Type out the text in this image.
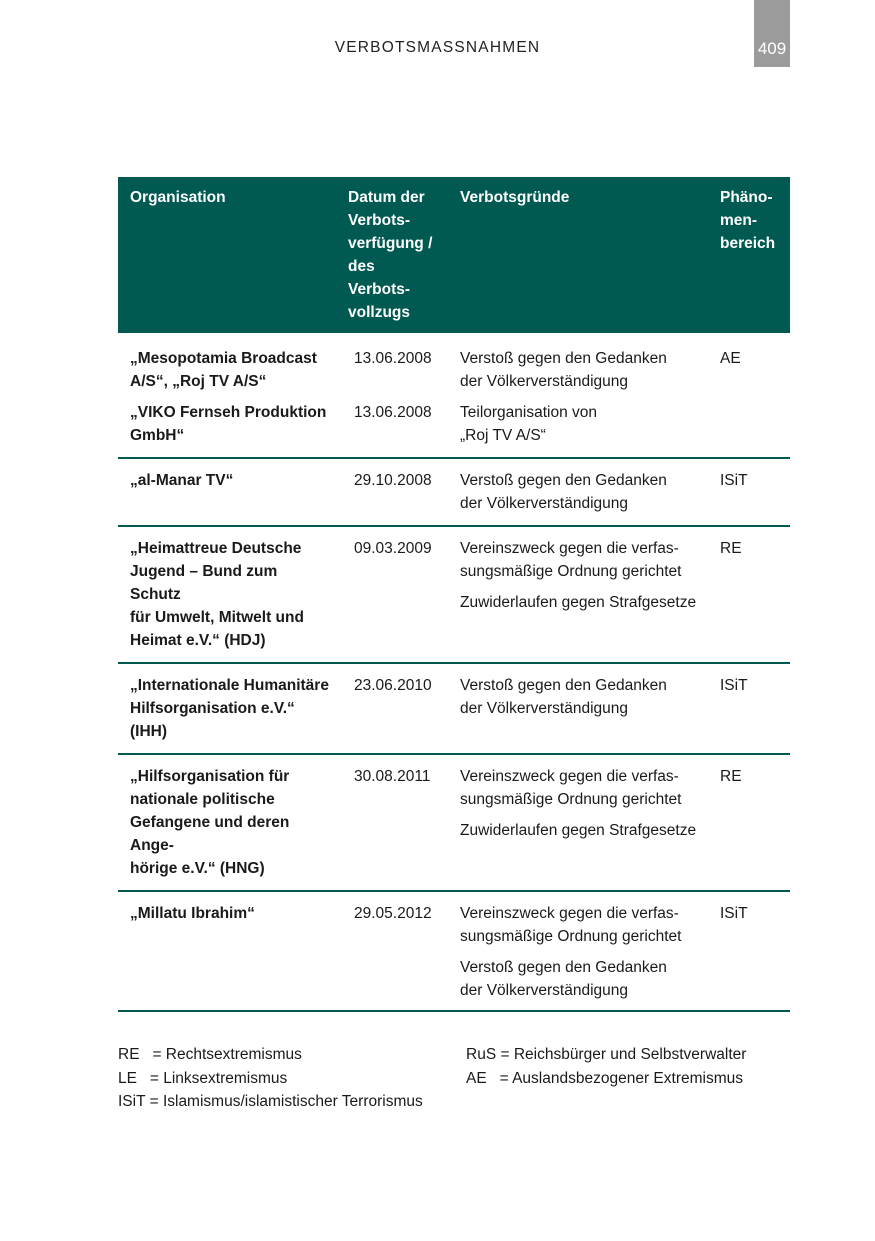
VERBOTSMASSNAHMEN	409
Organisation	Datum der
Verbots-
verfügung /
des Verbots-
vollzugs	Verbotsgründe	Phäno-
men-
bereich

„Mesopotamia Broadcast
A/S“, „Roj TV A/S“	13.06.2008	Verstoß gegen den Gedanken
der Völkerverständigung	AE

„VIKO Fernseh Produktion
GmbH“	13.06.2008	Teilorganisation von
„Roj TV A/S“	

„al-Manar TV“	29.10.2008	Verstoß gegen den Gedanken
der Völkerverständigung	ISiT

„Heimattreue Deutsche
Jugend – Bund zum Schutz
für Umwelt, Mitwelt und
Heimat e.V.“ (HDJ)	09.03.2009	Vereinszweck gegen die verfas-
sungsmäßige Ordnung gerichtet
Zuwiderlaufen gegen Strafgesetze	RE

„Internationale Humanitäre
Hilfsorganisation e.V.“
(IHH)	23.06.2010	Verstoß gegen den Gedanken
der Völkerverständigung	ISiT

„Hilfsorganisation für
nationale politische
Gefangene und deren Ange-
hörige e.V.“ (HNG)	30.08.2011	Vereinszweck gegen die verfas-
sungsmäßige Ordnung gerichtet
Zuwiderlaufen gegen Strafgesetze	RE

„Millatu Ibrahim“	29.05.2012	Vereinszweck gegen die verfas-
sungsmäßige Ordnung gerichtet
Verstoß gegen den Gedanken
der Völkerverständigung	ISiT
RE   = Rechtsextremismus
LE   = Linksextremismus
ISiT = Islamismus/islamistischer Terrorismus
RuS = Reichsbürger und Selbstverwalter
AE   = Auslandsbezogener Extremismus
